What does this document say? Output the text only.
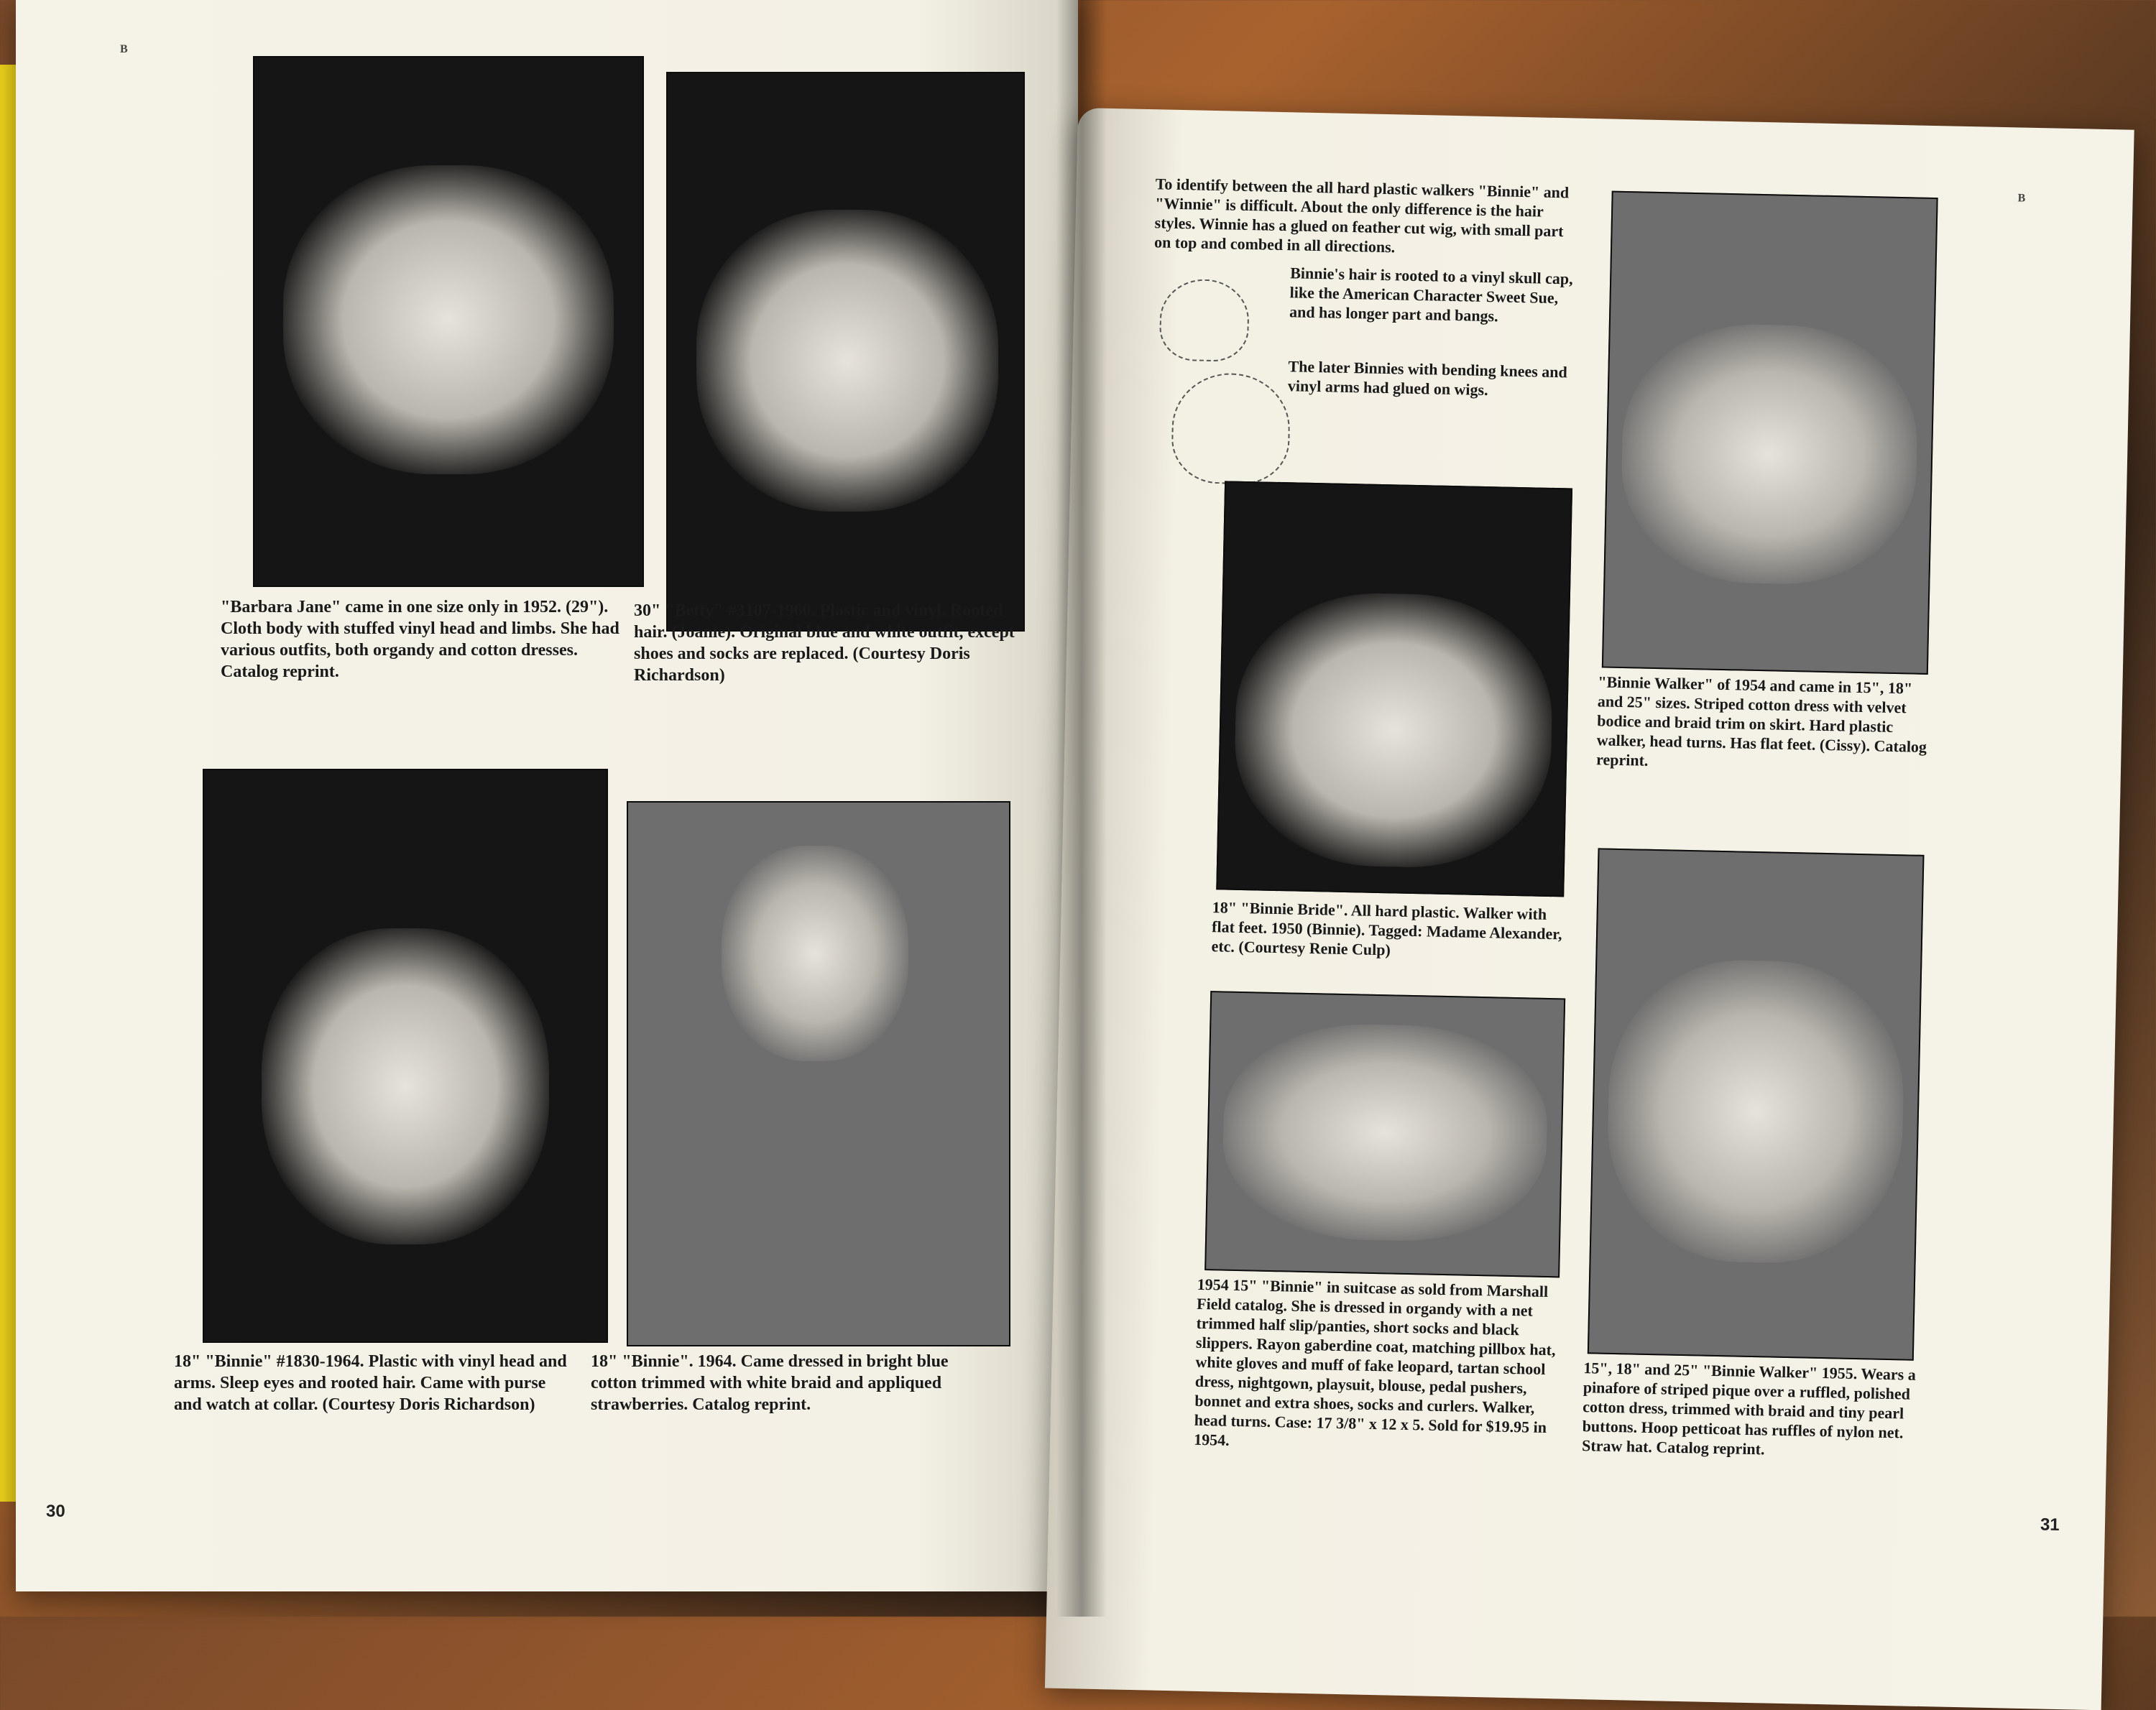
B

"Barbara Jane" came in one size only in 1952. (29"). Cloth body with stuffed vinyl head and limbs. She had various outfits, both organdy and cotton dresses. Catalog reprint.

30" "Betty" #3107-1960. Plastic and vinyl. Rooted hair. (Joanie). Original blue and white outfit, except shoes and socks are replaced. (Courtesy Doris Richardson)

18" "Binnie" #1830-1964. Plastic with vinyl head and arms. Sleep eyes and rooted hair. Came with purse and watch at collar. (Courtesy Doris Richardson)

18" "Binnie". 1964. Came dressed in bright blue cotton trimmed with white braid and appliqued strawberries. Catalog reprint.

30

To identify between the all hard plastic walkers "Binnie" and "Winnie" is difficult. About the only difference is the hair styles. Winnie has a glued on feather cut wig, with small part on top and combed in all directions.

Binnie's hair is rooted to a vinyl skull cap, like the American Character Sweet Sue, and has longer part and bangs.

The later Binnies with bending knees and vinyl arms had glued on wigs.

B

"Binnie Walker" of 1954 and came in 15", 18" and 25" sizes. Striped cotton dress with velvet bodice and braid trim on skirt. Hard plastic walker, head turns. Has flat feet. (Cissy). Catalog reprint.

18" "Binnie Bride". All hard plastic. Walker with flat feet. 1950 (Binnie). Tagged: Madame Alexander, etc. (Courtesy Renie Culp)

1954 15" "Binnie" in suitcase as sold from Marshall Field catalog. She is dressed in organdy with a net trimmed half slip/panties, short socks and black slippers. Rayon gaberdine coat, matching pillbox hat, white gloves and muff of fake leopard, tartan school dress, nightgown, playsuit, blouse, pedal pushers, bonnet and extra shoes, socks and curlers. Walker, head turns. Case: 17 3/8" x 12 x 5. Sold for $19.95 in 1954.

15", 18" and 25" "Binnie Walker" 1955. Wears a pinafore of striped pique over a ruffled, polished cotton dress, trimmed with braid and tiny pearl buttons. Hoop petticoat has ruffles of nylon net. Straw hat. Catalog reprint.

31
